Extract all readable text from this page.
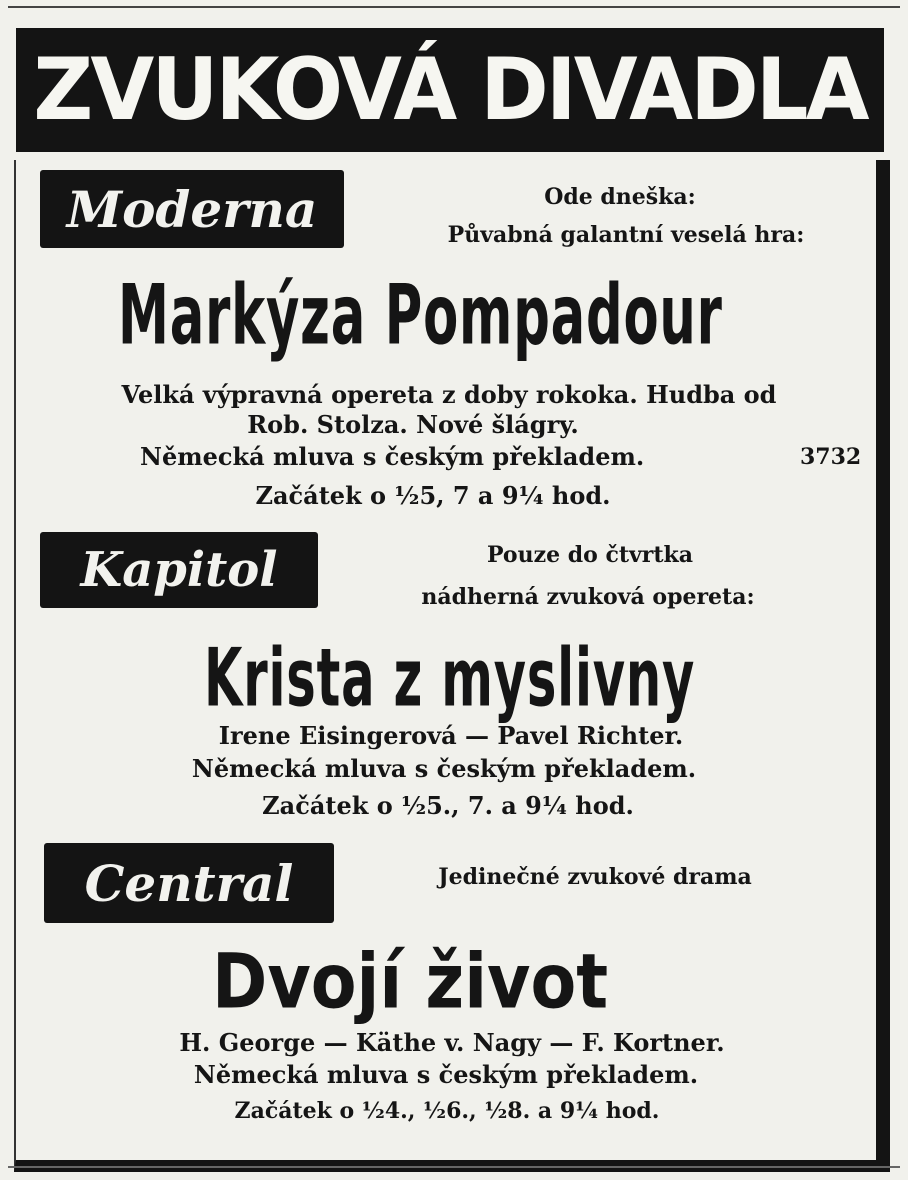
ZVUKOVÁ DIVADLA
Moderna	Ode dneška:
Půvabná galantní veselá hra:
Markýza Pompadour
Velká výpravná opereta z doby rokoka. Hudba od
Rob. Stolza. Nové šlágry.
Německá mluva s českým překladem.	3732
Začátek o ½5, 7 a 9¼ hod.
Kapitol	Pouze do čtvrtka
nádherná zvuková opereta:
Krista z myslivny
Irene Eisingerová — Pavel Richter.
Německá mluva s českým překladem.
Začátek o ½5., 7. a 9¼ hod.
Central	Jedinečné zvukové drama
Dvojí život
H. George — Käthe v. Nagy — F. Kortner.
Německá mluva s českým překladem.
Začátek o ½4., ½6., ½8. a 9¼ hod.
